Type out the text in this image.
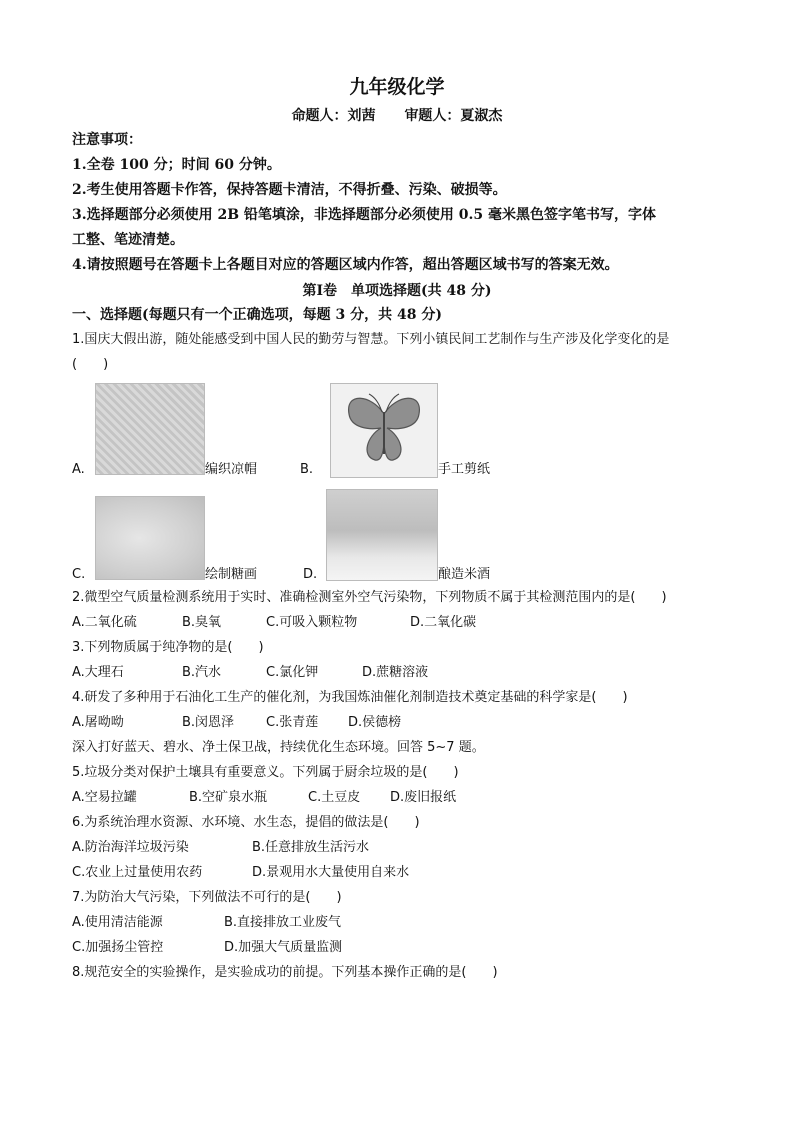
九年级化学
命题人：刘茜 审题人：夏淑杰
注意事项：
1.全卷 100 分；时间 60 分钟。
2.考生使用答题卡作答，保持答题卡清洁，不得折叠、污染、破损等。
3.选择题部分必须使用 2B 铅笔填涂，非选择题部分必须使用 0.5 毫米黑色签字笔书写，字体
工整、笔迹清楚。
4.请按照题号在答题卡上各题目对应的答题区域内作答，超出答题区域书写的答案无效。
第Ⅰ卷　单项选择题(共 48 分)
一、选择题(每题只有一个正确选项，每题 3 分，共 48 分)
1.国庆大假出游，随处能感受到中国人民的勤劳与智慧。下列小镇民间工艺制作与生产涉及化学变化的是
(　　)
A.	编织凉帽	B.	手工剪纸
C.	绘制糖画	D.	酿造米酒
2.微型空气质量检测系统用于实时、准确检测室外空气污染物，下列物质不属于其检测范围内的是(　　)
A.二氧化硫	B.臭氧	C.可吸入颗粒物	D.二氧化碳
3.下列物质属于纯净物的是(　　)
A.大理石	B.汽水	C.氯化钾	D.蔗糖溶液
4.研发了多种用于石油化工生产的催化剂，为我国炼油催化剂制造技术奠定基础的科学家是(　　)
A.屠呦呦	B.闵恩泽 C.张青莲 D.侯德榜
深入打好蓝天、碧水、净土保卫战，持续优化生态环境。回答 5~7 题。
5.垃圾分类对保护土壤具有重要意义。下列属于厨余垃圾的是(　　)
A.空易拉罐	B.空矿泉水瓶	C.土豆皮 D.废旧报纸
6.为系统治理水资源、水环境、水生态，提倡的做法是(　　)
A.防治海洋垃圾污染	B.任意排放生活污水
C.农业上过量使用农药	D.景观用水大量使用自来水
7.为防治大气污染，下列做法不可行的是(　　)
A.使用清洁能源	B.直接排放工业废气
C.加强扬尘管控	D.加强大气质量监测
8.规范安全的实验操作，是实验成功的前提。下列基本操作正确的是(　　)
